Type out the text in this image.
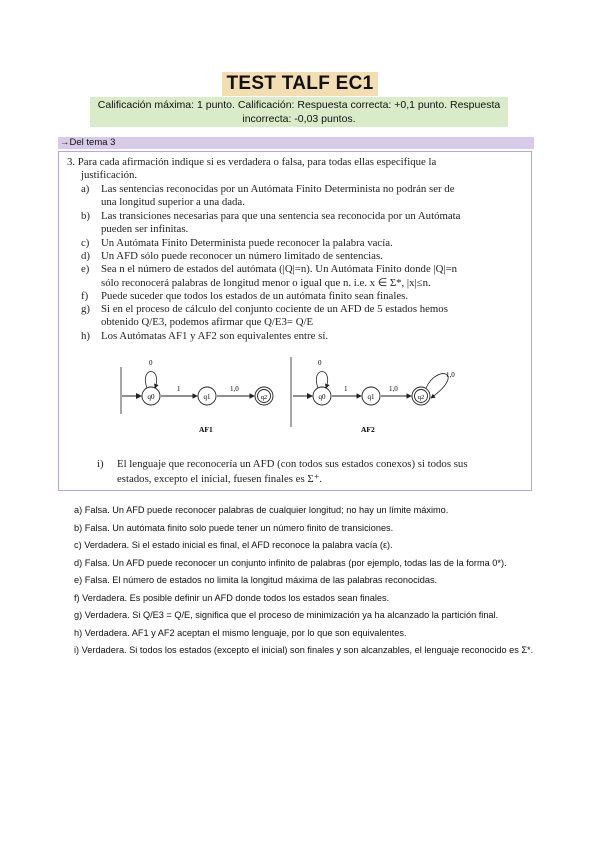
TEST TALF EC1
Calificación máxima: 1 punto. Calificación: Respuesta correcta: +0,1 punto. Respuesta incorrecta: -0,03 puntos.
→Del tema 3
3. Para cada afirmación indique si es verdadera o falsa, para todas ellas especifique la
justificación.
a) Las sentencias reconocidas por un Autómata Finito Determinista no podrán ser de
una longitud superior a una dada.
b) Las transiciones necesarias para que una sentencia sea reconocida por un Autómata
pueden ser infinitas.
c) Un Autómata Finito Determinista puede reconocer la palabra vacía.
d) Un AFD sólo puede reconocer un número limitado de sentencias.
e) Sea n el número de estados del autómata (|Q|=n). Un Autómata Finito donde |Q|=n
sólo reconocerá palabras de longitud menor o igual que n. i.e. x ∈ Σ*, |x|≤n.
f) Puede suceder que todos los estados de un autómata finito sean finales.
g) Si en el proceso de cálculo del conjunto cociente de un AFD de 5 estados hemos
obtenido Q/E3, podemos afirmar que Q/E3= Q/E
h) Los Autómatas AF1 y AF2 son equivalentes entre sí.
0
q0
1
q1
1,0
q2
AF1
0
q0
1
q1
1,0
q2
1,0
AF2
i) El lenguaje que reconocería un AFD (con todos sus estados conexos) si todos sus
estados, excepto el inicial, fuesen finales es Σ⁺.

a) Falsa. Un AFD puede reconocer palabras de cualquier longitud; no hay un límite máximo.

b) Falsa. Un autómata finito solo puede tener un número finito de transiciones.

c) Verdadera. Si el estado inicial es final, el AFD reconoce la palabra vacía (ε).

d) Falsa. Un AFD puede reconocer un conjunto infinito de palabras (por ejemplo, todas las de la forma 0*).

e) Falsa. El número de estados no limita la longitud máxima de las palabras reconocidas.

f) Verdadera. Es posible definir un AFD donde todos los estados sean finales.

g) Verdadera. Si Q/E3 = Q/E, significa que el proceso de minimización ya ha alcanzado la partición final.

h) Verdadera. AF1 y AF2 aceptan el mismo lenguaje, por lo que son equivalentes.

i) Verdadera. Si todos los estados (excepto el inicial) son finales y son alcanzables, el lenguaje reconocido es Σ*.
